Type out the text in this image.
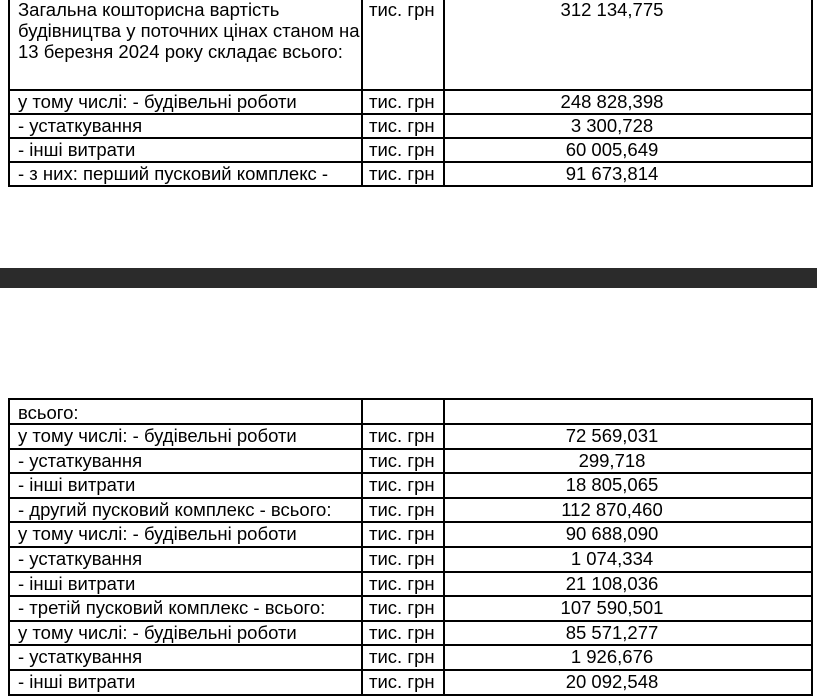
Загальна кошторисна вартість будівництва у поточних цінах станом на 13 березня 2024 року складає всього:	тис. грн	312 134,775
у тому числі: - будівельні роботи	тис. грн	248 828,398
- устаткування	тис. грн	3 300,728
- інші витрати	тис. грн	60 005,649
- з них: перший пусковий комплекс -	тис. грн	91 673,814
всього:		
у тому числі: - будівельні роботи	тис. грн	72 569,031
- устаткування	тис. грн	299,718
- інші витрати	тис. грн	18 805,065
- другий пусковий комплекс - всього:	тис. грн	112 870,460
у тому числі: - будівельні роботи	тис. грн	90 688,090
- устаткування	тис. грн	1 074,334
- інші витрати	тис. грн	21 108,036
- третій пусковий комплекс - всього:	тис. грн	107 590,501
у тому числі: - будівельні роботи	тис. грн	85 571,277
- устаткування	тис. грн	1 926,676
- інші витрати	тис. грн	20 092,548
